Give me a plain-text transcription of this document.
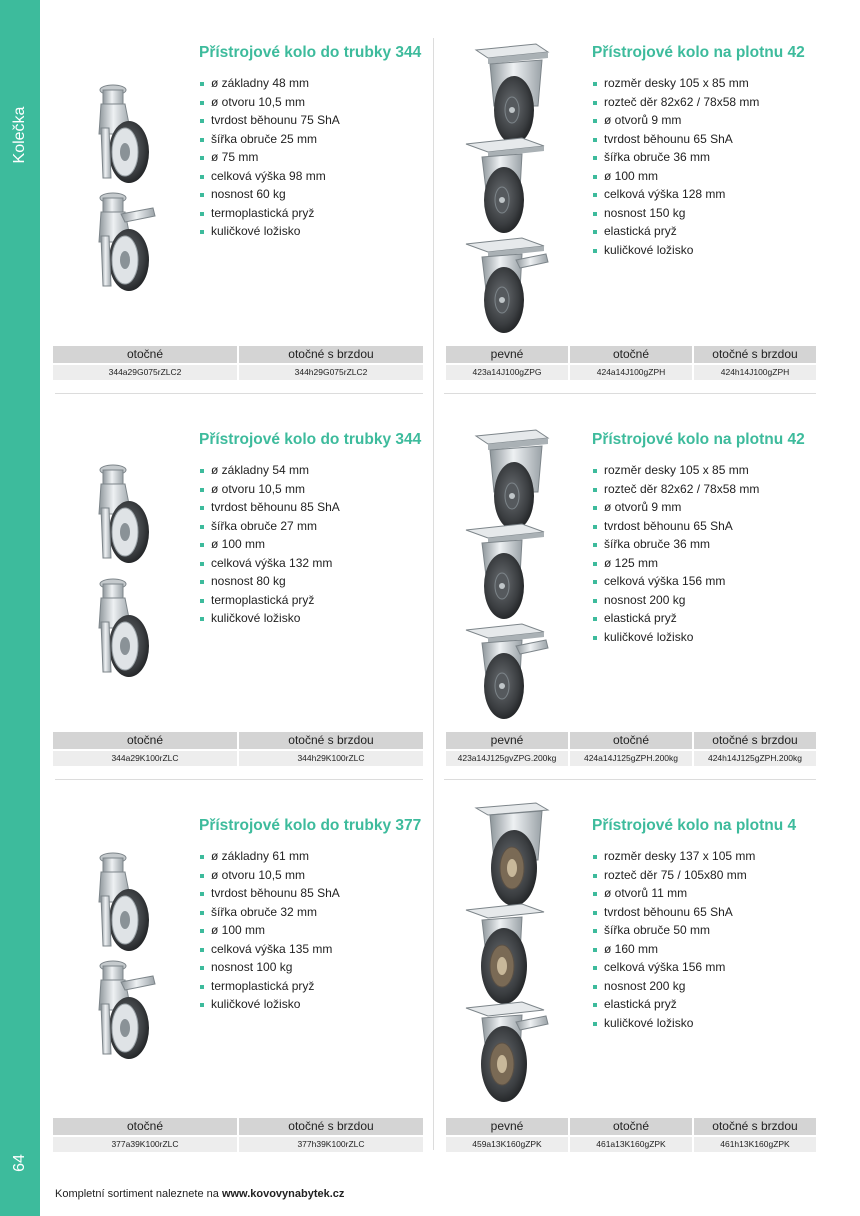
Kolečka
64
Přístrojové kolo do trubky 344
ø základny 48 mm
ø otvoru 10,5 mm
tvrdost běhounu 75 ShA
šířka obruče 25 mm
ø 75 mm
celková výška 98 mm
nosnost 60 kg
termoplastická pryž
kuličkové ložisko
otočné	otočné s brzdou
344a29G075rZLC2	344h29G075rZLC2
Přístrojové kolo na plotnu 42
rozměr desky 105 x 85 mm
rozteč děr 82x62 / 78x58 mm
ø otvorů 9 mm
tvrdost běhounu 65 ShA
šířka obruče 36 mm
ø 100 mm
celková výška 128 mm
nosnost 150 kg
elastická pryž
kuličkové ložisko
pevné	otočné	otočné s brzdou
423a14J100gZPG	424a14J100gZPH	424h14J100gZPH
Přístrojové kolo do trubky 344
ø základny 54 mm
ø otvoru 10,5 mm
tvrdost běhounu 85 ShA
šířka obruče 27 mm
ø 100 mm
celková výška 132 mm
nosnost 80 kg
termoplastická pryž
kuličkové ložisko
otočné	otočné s brzdou
344a29K100rZLC	344h29K100rZLC
Přístrojové kolo na plotnu 42
rozměr desky 105 x 85 mm
rozteč děr 82x62 / 78x58 mm
ø otvorů 9 mm
tvrdost běhounu 65 ShA
šířka obruče 36 mm
ø 125 mm
celková výška 156 mm
nosnost 200 kg
elastická pryž
kuličkové ložisko
pevné	otočné	otočné s brzdou
423a14J125gvZPG.200kg	424a14J125gZPH.200kg	424h14J125gZPH.200kg
Přístrojové kolo do trubky 377
ø základny 61 mm
ø otvoru 10,5 mm
tvrdost běhounu 85 ShA
šířka obruče 32 mm
ø 100 mm
celková výška 135 mm
nosnost 100 kg
termoplastická pryž
kuličkové ložisko
otočné	otočné s brzdou
377a39K100rZLC	377h39K100rZLC
Přístrojové kolo na plotnu 4
rozměr desky 137 x 105 mm
rozteč děr 75 / 105x80 mm
ø otvorů 11 mm
tvrdost běhounu 65 ShA
šířka obruče 50 mm
ø 160 mm
celková výška 156 mm
nosnost 200 kg
elastická pryž
kuličkové ložisko
pevné	otočné	otočné s brzdou
459a13K160gZPK	461a13K160gZPK	461h13K160gZPK
Kompletní sortiment naleznete na www.kovovynabytek.cz
